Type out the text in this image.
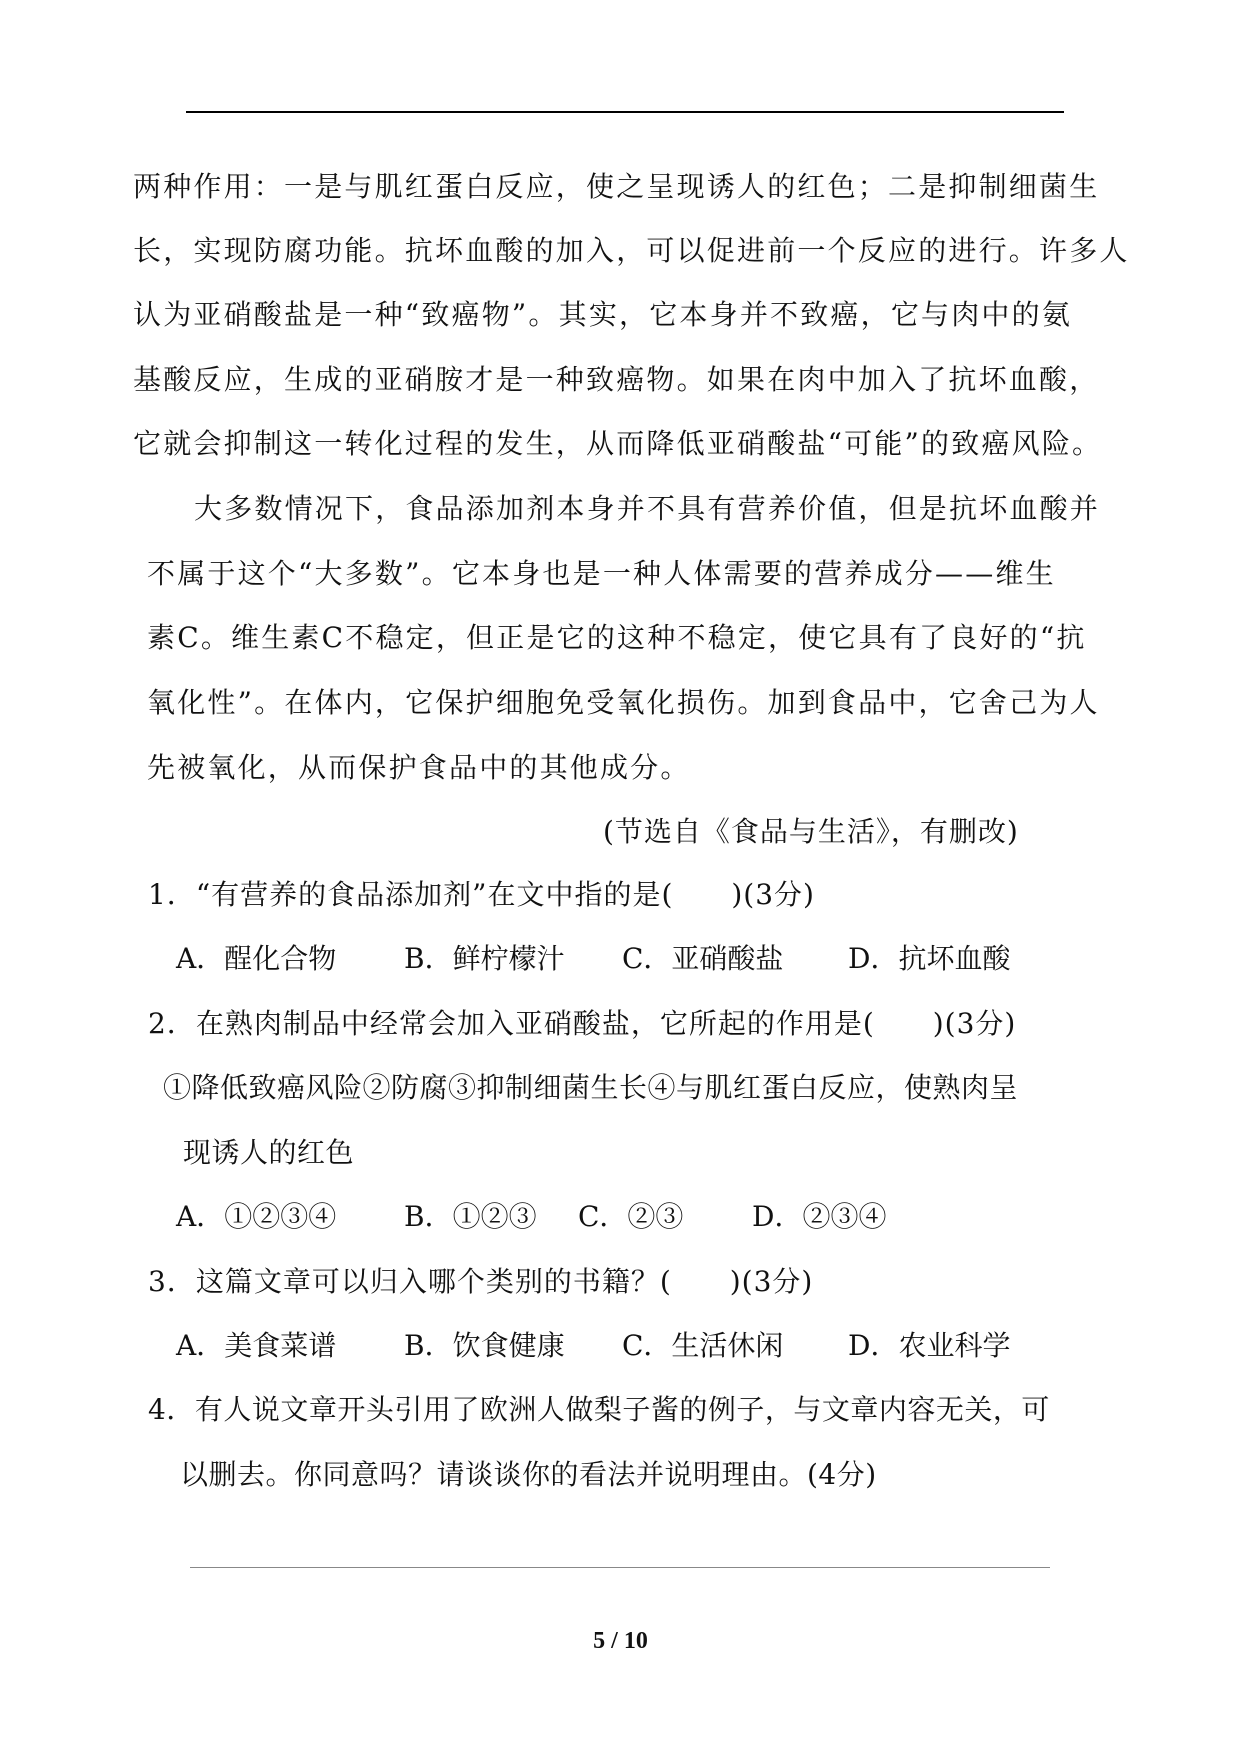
两种作用：一是与肌红蛋白反应，使之呈现诱人的红色；二是抑制细菌生
长，实现防腐功能。抗坏血酸的加入，可以促进前一个反应的进行。许多人
认为亚硝酸盐是一种“致癌物”。其实，它本身并不致癌，它与肉中的氨
基酸反应，生成的亚硝胺才是一种致癌物。如果在肉中加入了抗坏血酸，
它就会抑制这一转化过程的发生，从而降低亚硝酸盐“可能”的致癌风险。
大多数情况下，食品添加剂本身并不具有营养价值，但是抗坏血酸并
不属于这个“大多数”。它本身也是一种人体需要的营养成分——维生
素C。维生素C不稳定，但正是它的这种不稳定，使它具有了良好的“抗
氧化性”。在体内，它保护细胞免受氧化损伤。加到食品中，它舍己为人
先被氧化，从而保护食品中的其他成分。
(节选自《食品与生活》，有删改)
1．“有营养的食品添加剂”在文中指的是(　　)(3分)
A．酲化合物 B．鲜柠檬汁 C．亚硝酸盐 D．抗坏血酸
2．在熟肉制品中经常会加入亚硝酸盐，它所起的作用是(　　)(3分)
①降低致癌风险②防腐③抑制细菌生长④与肌红蛋白反应，使熟肉呈
现诱人的红色
A．①②③④ B．①②③ C．②③ D．②③④
3．这篇文章可以归入哪个类别的书籍？(　　)(3分)
A．美食菜谱 B．饮食健康 C．生活休闲 D．农业科学
4．有人说文章开头引用了欧洲人做梨子酱的例子，与文章内容无关，可
以删去。你同意吗？请谈谈你的看法并说明理由。(4分)
5 / 10
